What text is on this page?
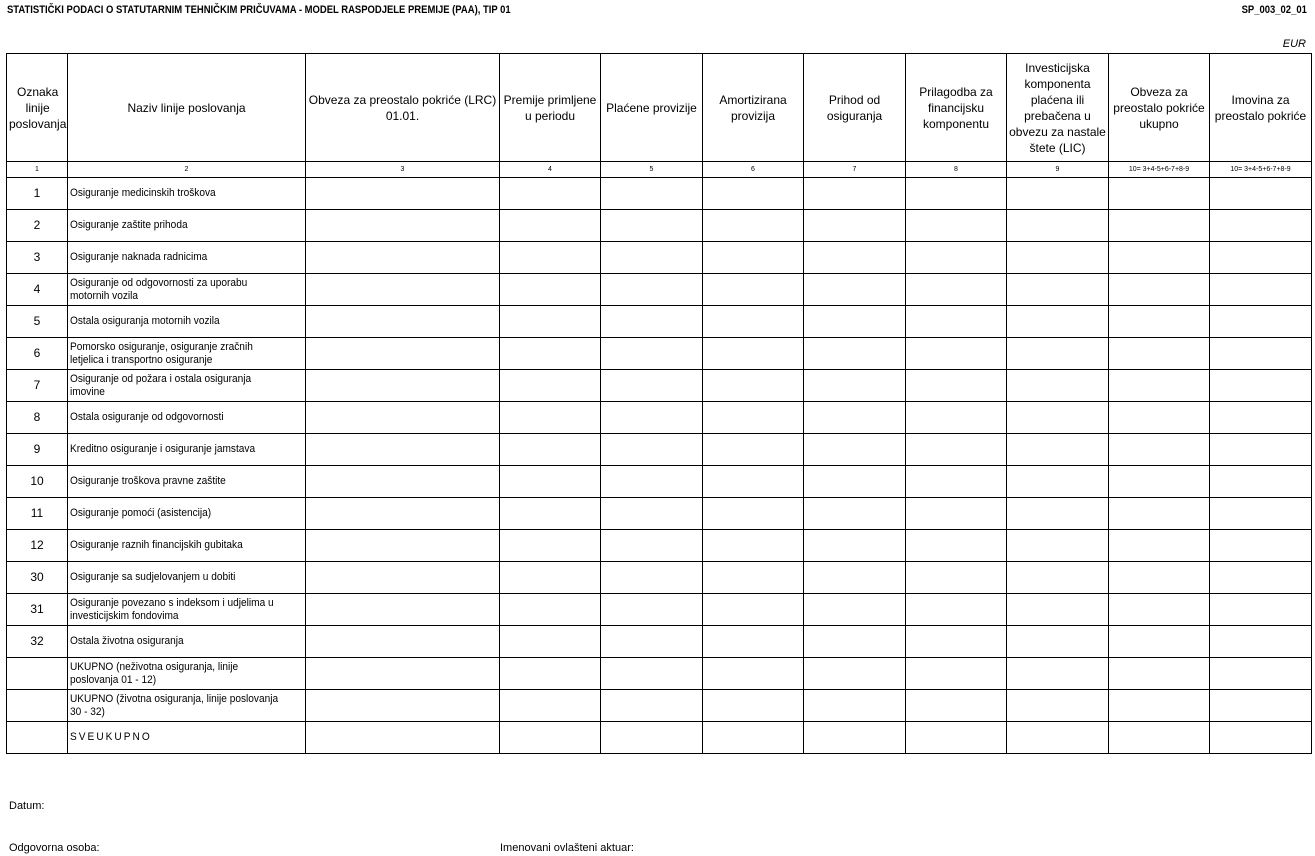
STATISTIČKI PODACI O STATUTARNIM TEHNIČKIM PRIČUVAMA - MODEL RASPODJELE PREMIJE (PAA), TIP 01	SP_003_02_01
EUR
Oznaka linije poslovanja	Naziv linije poslovanja	Obveza za preostalo pokriće (LRC) 01.01.	Premije primljene u periodu	Plaćene provizije	Amortizirana provizija	Prihod od osiguranja	Prilagodba za financijsku komponentu	Investicijska komponenta plaćena ili prebačena u obvezu za nastale štete (LIC)	Obveza za preostalo pokriće ukupno	Imovina za preostalo pokriće
1	2	3	4	5	6	7	8	9	10= 3+4-5+6-7+8-9	10= 3+4-5+6-7+8-9
1	Osiguranje medicinskih troškova									

2	Osiguranje zaštite prihoda									

3	Osiguranje naknada radnicima									

4	Osiguranje od odgovornosti za uporabu motornih vozila									

5	Ostala osiguranja motornih vozila									

6	Pomorsko osiguranje, osiguranje zračnih letjelica i transportno osiguranje									

7	Osiguranje od požara i ostala osiguranja imovine									

8	Ostala osiguranje od odgovornosti									

9	Kreditno osiguranje i osiguranje jamstava									

10	Osiguranje troškova pravne zaštite									

11	Osiguranje pomoći (asistencija)									

12	Osiguranje raznih financijskih gubitaka									

30	Osiguranje sa sudjelovanjem u dobiti									

31	Osiguranje povezano s indeksom i udjelima u investicijskim fondovima									

32	Ostala životna osiguranja									

	UKUPNO (neživotna osiguranja, linije poslovanja 01 - 12)									

	UKUPNO (životna osiguranja, linije poslovanja 30 - 32)									

	SVEUKUPNO									

Datum:
Odgovorna osoba:	Imenovani ovlašteni aktuar:
